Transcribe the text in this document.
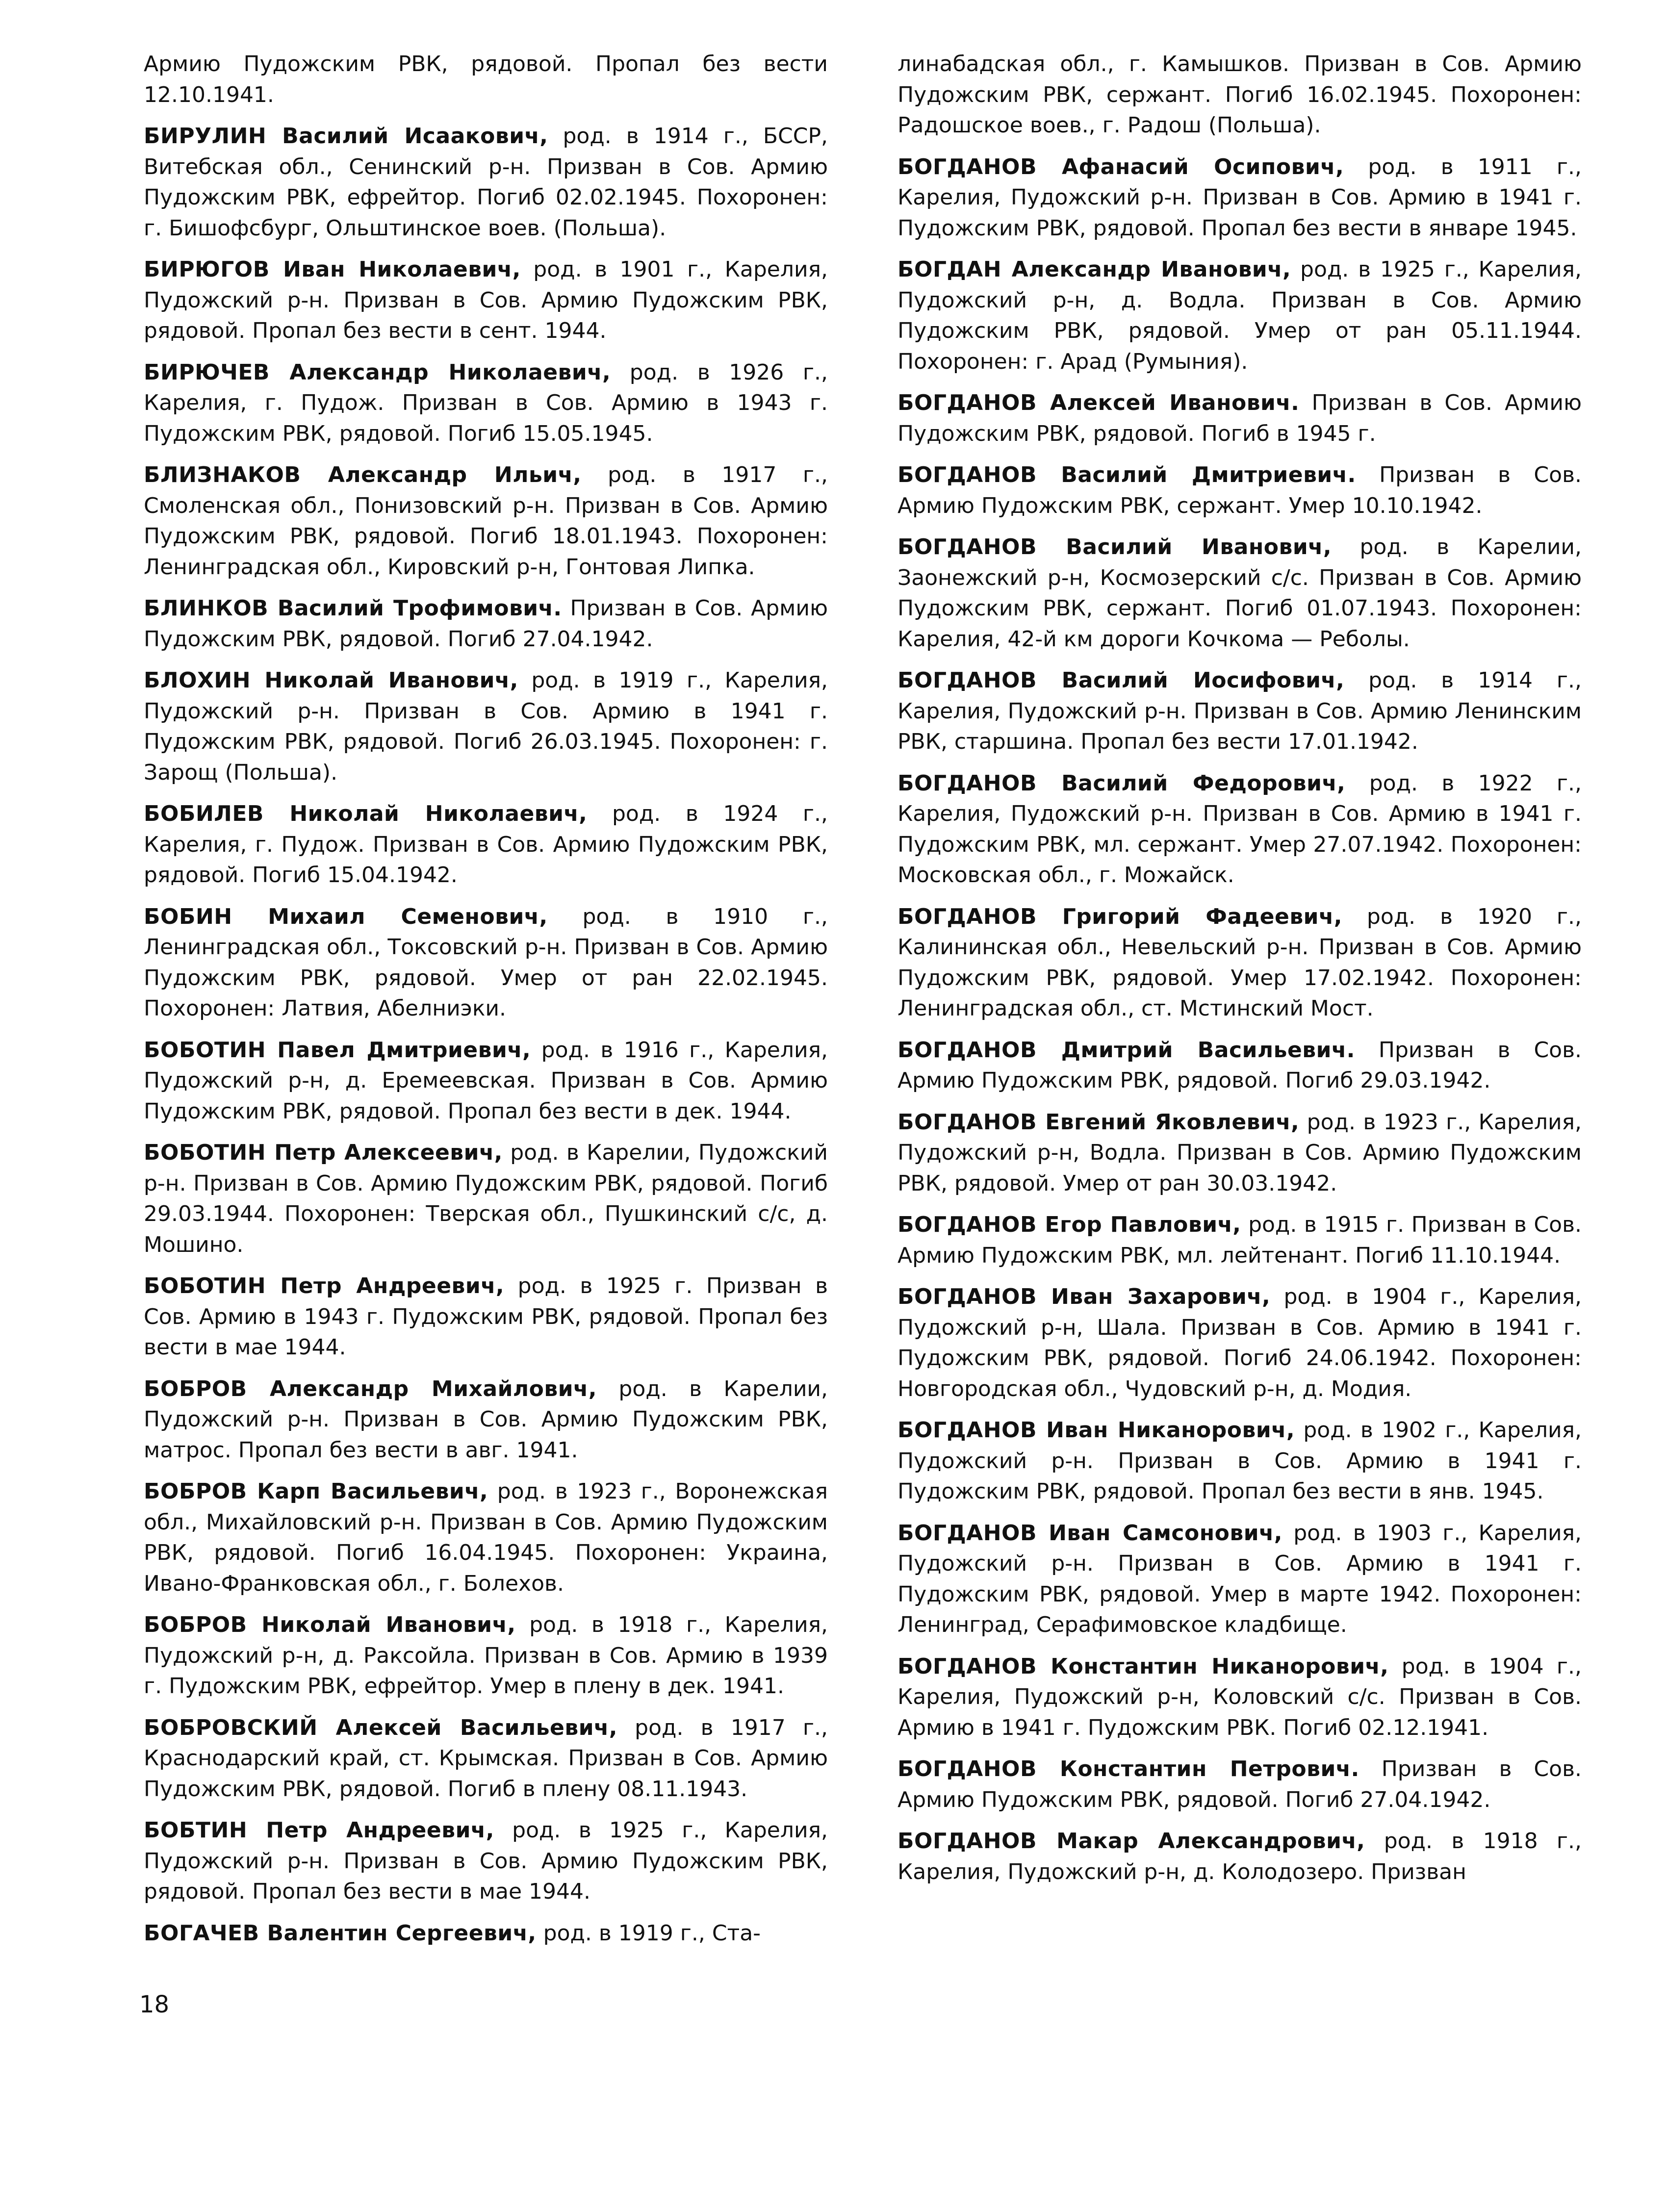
Армию Пудожским РВК, рядовой. Пропал без вести 12.10.1941.

БИРУЛИН Василий Исаакович, род. в 1914 г., БССР, Витебская обл., Сенинский р-н. Призван в Сов. Армию Пудожским РВК, ефрейтор. Погиб 02.02.1945. Похоронен: г. Бишофсбург, Ольштинское воев. (Польша).

БИРЮГОВ Иван Николаевич, род. в 1901 г., Карелия, Пудожский р-н. Призван в Сов. Армию Пудожским РВК, рядовой. Пропал без вести в сент. 1944.

БИРЮЧЕВ Александр Николаевич, род. в 1926 г., Карелия, г. Пудож. Призван в Сов. Армию в 1943 г. Пудожским РВК, рядовой. Погиб 15.05.1945.

БЛИЗНАКОВ Александр Ильич, род. в 1917 г., Смоленская обл., Понизовский р-н. Призван в Сов. Армию Пудожским РВК, рядовой. Погиб 18.01.1943. Похоронен: Ленинградская обл., Кировский р-н, Гонтовая Липка.

БЛИНКОВ Василий Трофимович. Призван в Сов. Армию Пудожским РВК, рядовой. Погиб 27.04.1942.

БЛОХИН Николай Иванович, род. в 1919 г., Карелия, Пудожский р-н. Призван в Сов. Армию в 1941 г. Пудожским РВК, рядовой. Погиб 26.03.1945. Похоронен: г. Зарощ (Польша).

БОБИЛЕВ Николай Николаевич, род. в 1924 г., Карелия, г. Пудож. Призван в Сов. Армию Пудожским РВК, рядовой. Погиб 15.04.1942.

БОБИН Михаил Семенович, род. в 1910 г., Ленинградская обл., Токсовский р-н. Призван в Сов. Армию Пудожским РВК, рядовой. Умер от ран 22.02.1945. Похоронен: Латвия, Абелниэки.

БОБОТИН Павел Дмитриевич, род. в 1916 г., Карелия, Пудожский р-н, д. Еремеевская. Призван в Сов. Армию Пудожским РВК, рядовой. Пропал без вести в дек. 1944.

БОБОТИН Петр Алексеевич, род. в Карелии, Пудожский р-н. Призван в Сов. Армию Пудожским РВК, рядовой. Погиб 29.03.1944. Похоронен: Тверская обл., Пушкинский с/с, д. Мошино.

БОБОТИН Петр Андреевич, род. в 1925 г. Призван в Сов. Армию в 1943 г. Пудожским РВК, рядовой. Пропал без вести в мае 1944.

БОБРОВ Александр Михайлович, род. в Карелии, Пудожский р-н. Призван в Сов. Армию Пудожским РВК, матрос. Пропал без вести в авг. 1941.

БОБРОВ Карп Васильевич, род. в 1923 г., Воронежская обл., Михайловский р-н. Призван в Сов. Армию Пудожским РВК, рядовой. Погиб 16.04.1945. Похоронен: Украина, Ивано-Франковская обл., г. Болехов.

БОБРОВ Николай Иванович, род. в 1918 г., Карелия, Пудожский р-н, д. Раксойла. Призван в Сов. Армию в 1939 г. Пудожским РВК, ефрейтор. Умер в плену в дек. 1941.

БОБРОВСКИЙ Алексей Васильевич, род. в 1917 г., Краснодарский край, ст. Крымская. Призван в Сов. Армию Пудожским РВК, рядовой. Погиб в плену 08.11.1943.

БОБТИН Петр Андреевич, род. в 1925 г., Карелия, Пудожский р-н. Призван в Сов. Армию Пудожским РВК, рядовой. Пропал без вести в мае 1944.

БОГАЧЕВ Валентин Сергеевич, род. в 1919 г., Ста-

линабадская обл., г. Камышков. Призван в Сов. Армию Пудожским РВК, сержант. Погиб 16.02.1945. Похоронен: Радошское воев., г. Радош (Польша).

БОГДАНОВ Афанасий Осипович, род. в 1911 г., Карелия, Пудожский р-н. Призван в Сов. Армию в 1941 г. Пудожским РВК, рядовой. Пропал без вести в январе 1945.

БОГДАН Александр Иванович, род. в 1925 г., Карелия, Пудожский р-н, д. Водла. Призван в Сов. Армию Пудожским РВК, рядовой. Умер от ран 05.11.1944. Похоронен: г. Арад (Румыния).

БОГДАНОВ Алексей Иванович. Призван в Сов. Армию Пудожским РВК, рядовой. Погиб в 1945 г.

БОГДАНОВ Василий Дмитриевич. Призван в Сов. Армию Пудожским РВК, сержант. Умер 10.10.1942.

БОГДАНОВ Василий Иванович, род. в Карелии, Заонежский р-н, Космозерский с/с. Призван в Сов. Армию Пудожским РВК, сержант. Погиб 01.07.1943. Похоронен: Карелия, 42-й км дороги Кочкома — Реболы.

БОГДАНОВ Василий Иосифович, род. в 1914 г., Карелия, Пудожский р-н. Призван в Сов. Армию Ленинским РВК, старшина. Пропал без вести 17.01.1942.

БОГДАНОВ Василий Федорович, род. в 1922 г., Карелия, Пудожский р-н. Призван в Сов. Армию в 1941 г. Пудожским РВК, мл. сержант. Умер 27.07.1942. Похоронен: Московская обл., г. Можайск.

БОГДАНОВ Григорий Фадеевич, род. в 1920 г., Калининская обл., Невельский р-н. Призван в Сов. Армию Пудожским РВК, рядовой. Умер 17.02.1942. Похоронен: Ленинградская обл., ст. Мстинский Мост.

БОГДАНОВ Дмитрий Васильевич. Призван в Сов. Армию Пудожским РВК, рядовой. Погиб 29.03.1942.

БОГДАНОВ Евгений Яковлевич, род. в 1923 г., Карелия, Пудожский р-н, Водла. Призван в Сов. Армию Пудожским РВК, рядовой. Умер от ран 30.03.1942.

БОГДАНОВ Егор Павлович, род. в 1915 г. Призван в Сов. Армию Пудожским РВК, мл. лейтенант. Погиб 11.10.1944.

БОГДАНОВ Иван Захарович, род. в 1904 г., Карелия, Пудожский р-н, Шала. Призван в Сов. Армию в 1941 г. Пудожским РВК, рядовой. Погиб 24.06.1942. Похоронен: Новгородская обл., Чудовский р-н, д. Модия.

БОГДАНОВ Иван Никанорович, род. в 1902 г., Карелия, Пудожский р-н. Призван в Сов. Армию в 1941 г. Пудожским РВК, рядовой. Пропал без вести в янв. 1945.

БОГДАНОВ Иван Самсонович, род. в 1903 г., Карелия, Пудожский р-н. Призван в Сов. Армию в 1941 г. Пудожским РВК, рядовой. Умер в марте 1942. Похоронен: Ленинград, Серафимовское кладбище.

БОГДАНОВ Константин Никанорович, род. в 1904 г., Карелия, Пудожский р-н, Коловский с/с. Призван в Сов. Армию в 1941 г. Пудожским РВК. Погиб 02.12.1941.

БОГДАНОВ Константин Петрович. Призван в Сов. Армию Пудожским РВК, рядовой. Погиб 27.04.1942.

БОГДАНОВ Макар Александрович, род. в 1918 г., Карелия, Пудожский р-н, д. Колодозеро. Призван

18
